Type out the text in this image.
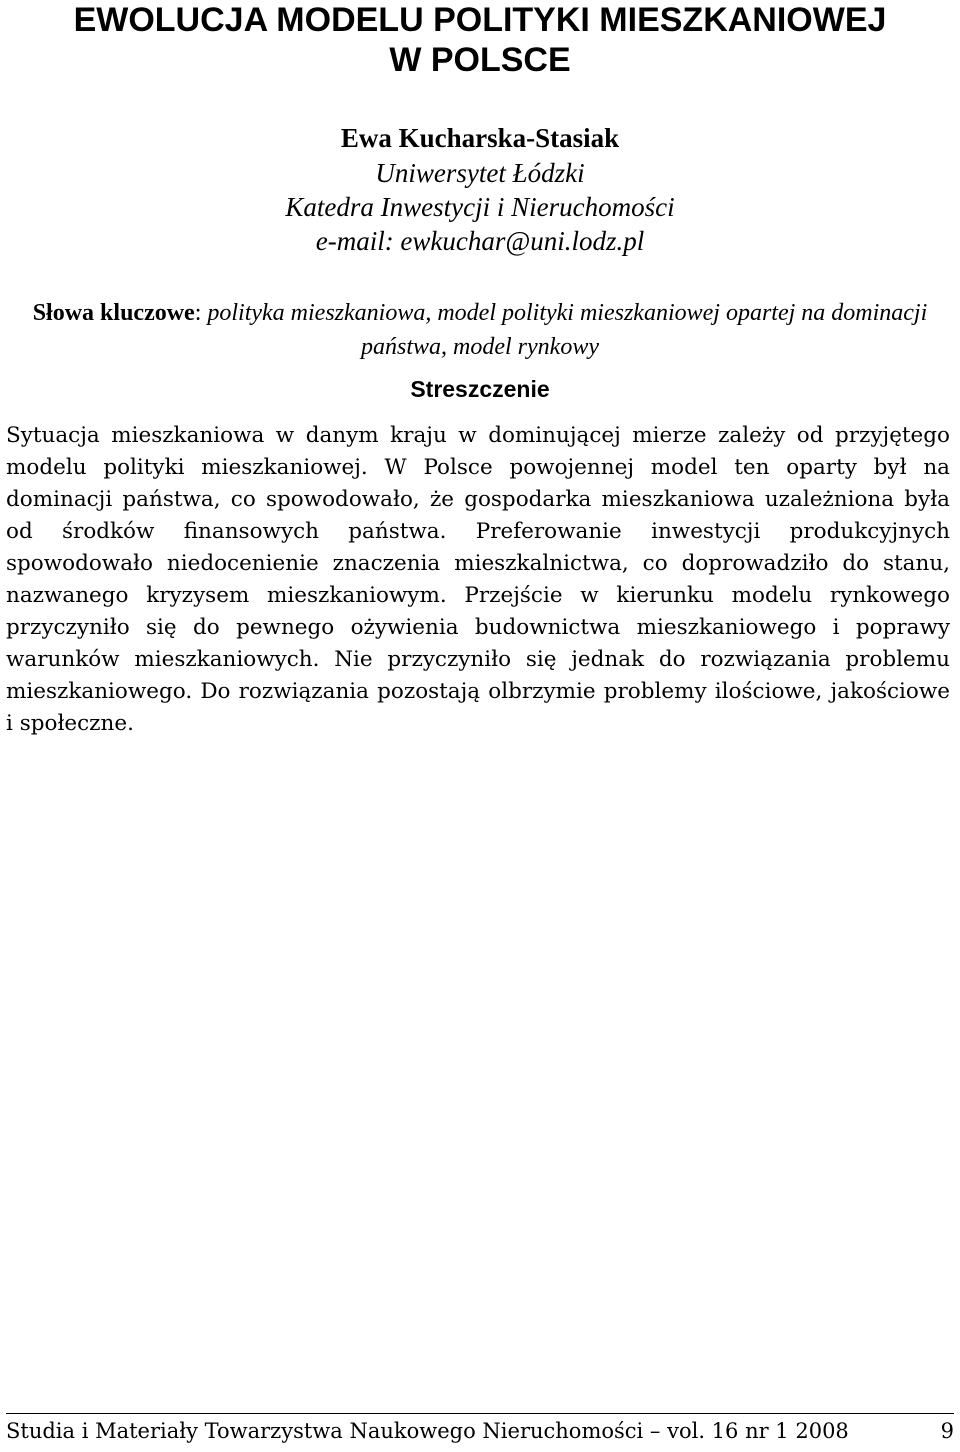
EWOLUCJA MODELU POLITYKI MIESZKANIOWEJ
W POLSCE

Ewa Kucharska-Stasiak

Uniwersytet Łódzki

Katedra Inwestycji i Nieruchomości

e-mail: ewkuchar@uni.lodz.pl

Słowa kluczowe: polityka mieszkaniowa, model polityki mieszkaniowej opartej na dominacji państwa, model rynkowy

Streszczenie

Sytuacja mieszkaniowa w danym kraju w dominującej mierze zależy od przyjętego modelu polityki mieszkaniowej. W Polsce powojennej model ten oparty był na dominacji państwa, co spowodowało, że gospodarka mieszkaniowa uzależniona była od środków finansowych państwa. Preferowanie inwestycji produkcyjnych spowodowało niedocenienie znaczenia mieszkalnictwa, co doprowadziło do stanu, nazwanego kryzysem mieszkaniowym. Przejście w kierunku modelu rynkowego przyczyniło się do pewnego ożywienia budownictwa mieszkaniowego i poprawy warunków mieszkaniowych. Nie przyczyniło się jednak do rozwiązania problemu mieszkaniowego. Do rozwiązania pozostają olbrzymie problemy ilościowe, jakościowe i społeczne.

Studia i Materiały Towarzystwa Naukowego Nieruchomości – vol. 16 nr 1 2008	9
